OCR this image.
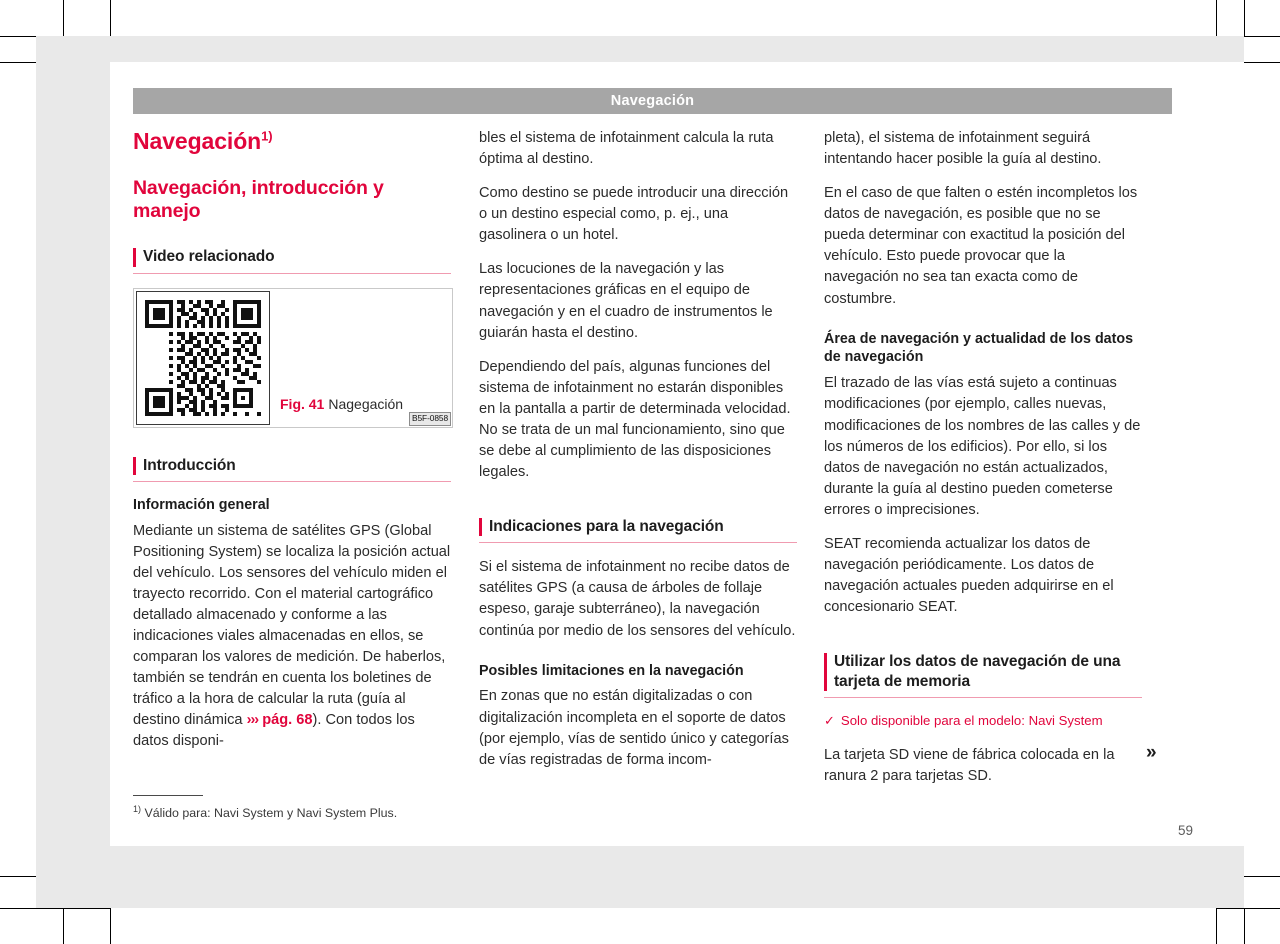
Navegación
Navegación$^{1)}$
Navegación, introducción y manejo
Video relacionado
B5F-0858
Fig. 41 Nagegación
Introducción

Información general

Mediante un sistema de satélites GPS (Global Positioning System) se localiza la posición actual del vehículo. Los sensores del vehículo miden el trayecto recorrido. Con el material cartográfico detallado almacenado y conforme a las indicaciones viales almacenadas en ellos, se comparan los valores de medición. De haberlos, también se tendrán en cuenta los boletines de tráfico a la hora de calcular la ruta (guía al destino dinámica ››› pág. 68). Con todos los datos disponi-

bles el sistema de infotainment calcula la ruta óptima al destino.

Como destino se puede introducir una dirección o un destino especial como, p. ej., una gasolinera o un hotel.

Las locuciones de la navegación y las representaciones gráficas en el equipo de navegación y en el cuadro de instrumentos le guiarán hasta el destino.

Dependiendo del país, algunas funciones del sistema de infotainment no estarán disponibles en la pantalla a partir de determinada velocidad. No se trata de un mal funcionamiento, sino que se debe al cumplimiento de las disposiciones legales.

Indicaciones para la navegación

Si el sistema de infotainment no recibe datos de satélites GPS (a causa de árboles de follaje espeso, garaje subterráneo), la navegación continúa por medio de los sensores del vehículo.

Posibles limitaciones en la navegación

En zonas que no están digitalizadas o con digitalización incompleta en el soporte de datos (por ejemplo, vías de sentido único y categorías de vías registradas de forma incom-

pleta), el sistema de infotainment seguirá intentando hacer posible la guía al destino.

En el caso de que falten o estén incompletos los datos de navegación, es posible que no se pueda determinar con exactitud la posición del vehículo. Esto puede provocar que la navegación no sea tan exacta como de costumbre.

Área de navegación y actualidad de los datos de navegación

El trazado de las vías está sujeto a continuas modificaciones (por ejemplo, calles nuevas, modificaciones de los nombres de las calles y de los números de los edificios). Por ello, si los datos de navegación no están actualizados, durante la guía al destino pueden cometerse errores o imprecisiones.

SEAT recomienda actualizar los datos de navegación periódicamente. Los datos de navegación actuales pueden adquirirse en el concesionario SEAT.

Utilizar los datos de navegación de una tarjeta de memoria
✓ Solo disponible para el modelo: Navi System

La tarjeta SD viene de fábrica colocada en la ranura 2 para tarjetas SD.

$^{1)}$ Válido para: Navi System y Navi System Plus.
»
59
